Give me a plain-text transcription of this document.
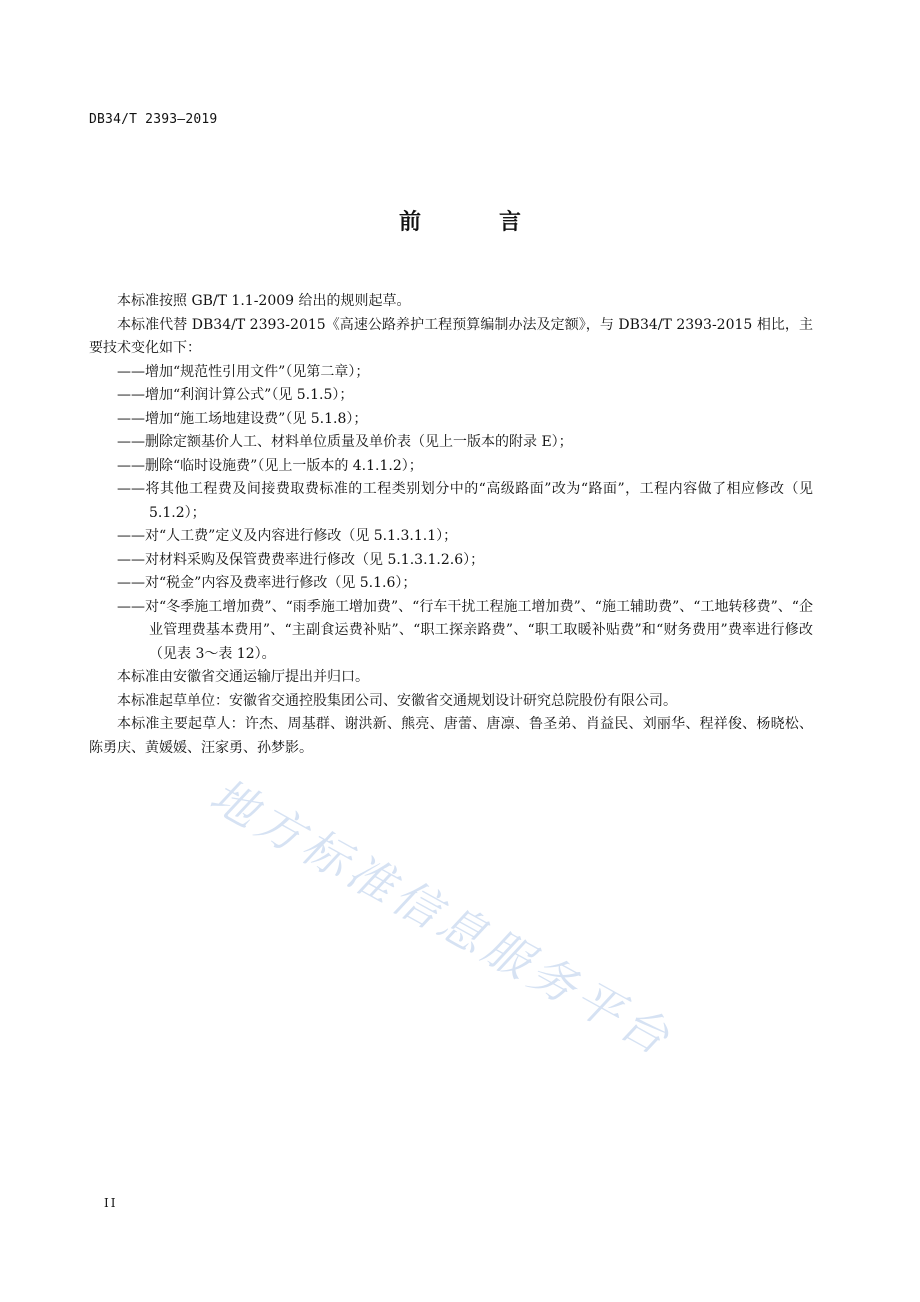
DB34/T 2393—2019
前　言

本标准按照 GB/T 1.1-2009 给出的规则起草。

本标准代替 DB34/T 2393-2015《高速公路养护工程预算编制办法及定额》，与 DB34/T 2393-2015 相比，主要技术变化如下：

——增加“规范性引用文件”（见第二章）；

——增加“利润计算公式”（见 5.1.5）；

——增加“施工场地建设费”（见 5.1.8）；

——删除定额基价人工、材料单位质量及单价表（见上一版本的附录 E）；

——删除“临时设施费”（见上一版本的 4.1.1.2）；

——将其他工程费及间接费取费标准的工程类别划分中的“高级路面”改为“路面”，工程内容做了相应修改（见 5.1.2）；

——对“人工费”定义及内容进行修改（见 5.1.3.1.1）；

——对材料采购及保管费费率进行修改（见 5.1.3.1.2.6）；

——对“税金”内容及费率进行修改（见 5.1.6）；

——对“冬季施工增加费”、“雨季施工增加费”、“行车干扰工程施工增加费”、“施工辅助费”、“工地转移费”、“企业管理费基本费用”、“主副食运费补贴”、“职工探亲路费”、“职工取暖补贴费”和“财务费用”费率进行修改（见表 3～表 12）。

本标准由安徽省交通运输厅提出并归口。

本标准起草单位：安徽省交通控股集团公司、安徽省交通规划设计研究总院股份有限公司。

本标准主要起草人：许杰、周基群、谢洪新、熊亮、唐蕾、唐凛、鲁圣弟、肖益民、刘丽华、程祥俊、杨晓松、陈勇庆、黄媛媛、汪家勇、孙梦影。

地方标准信息服务平台
II
